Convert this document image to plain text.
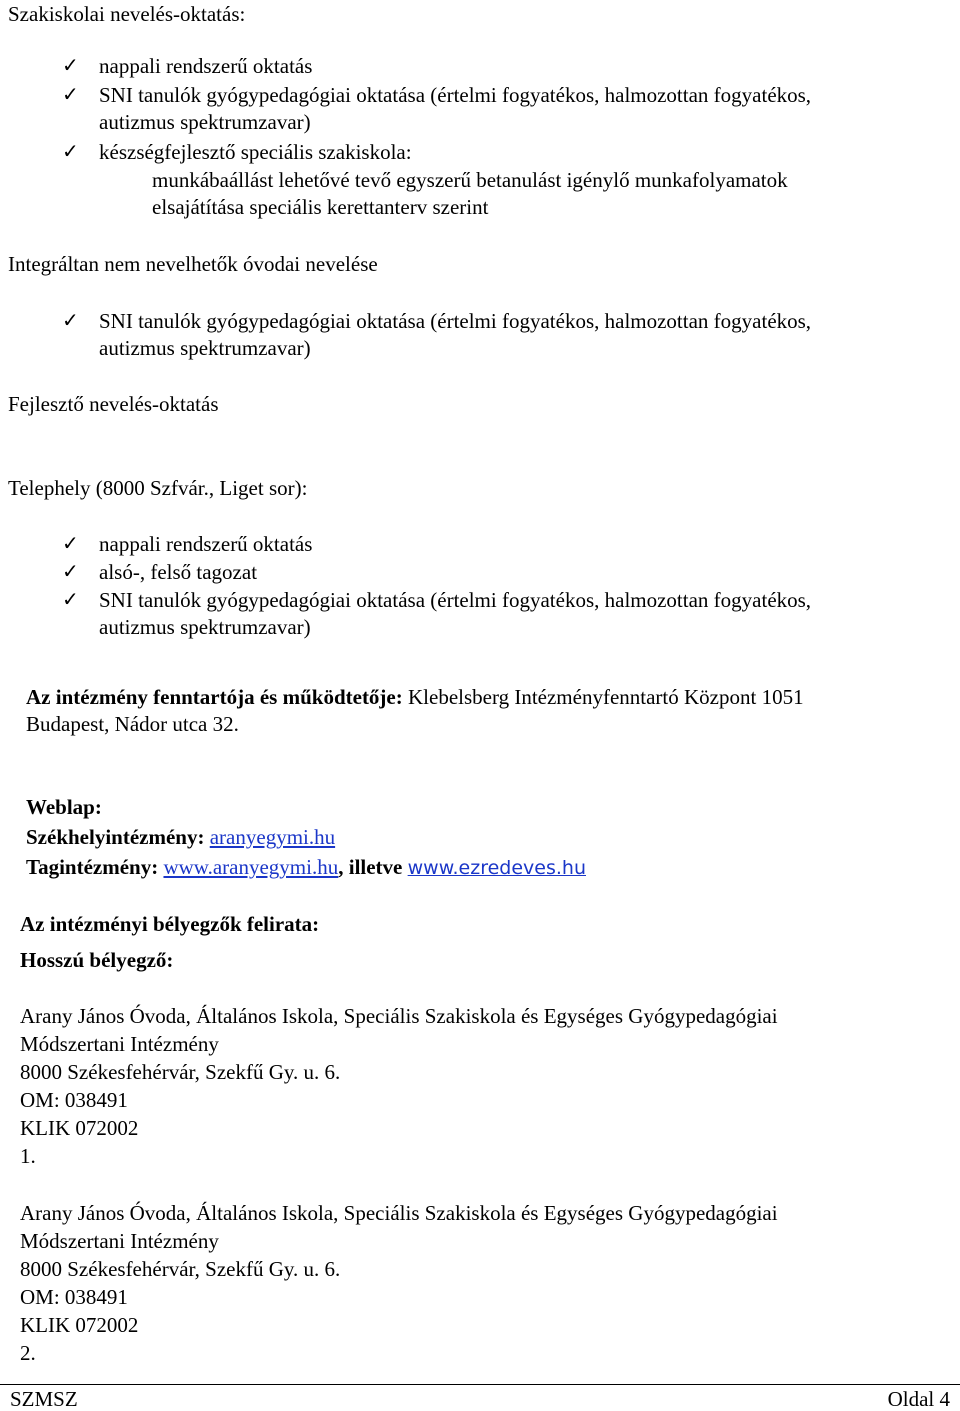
Szakiskolai nevelés-oktatás:
✓ nappali rendszerű oktatás
✓ SNI tanulók gyógypedagógiai oktatása (értelmi fogyatékos, halmozottan fogyatékos,
autizmus spektrumzavar)
✓ készségfejlesztő speciális szakiskola:
munkábaállást lehetővé tevő egyszerű betanulást igénylő munkafolyamatok
elsajátítása speciális kerettanterv szerint
Integráltan nem nevelhetők óvodai nevelése
✓ SNI tanulók gyógypedagógiai oktatása (értelmi fogyatékos, halmozottan fogyatékos,
autizmus spektrumzavar)
Fejlesztő nevelés-oktatás
Telephely (8000 Szfvár., Liget sor):
✓ nappali rendszerű oktatás
✓ alsó-, felső tagozat
✓ SNI tanulók gyógypedagógiai oktatása (értelmi fogyatékos, halmozottan fogyatékos,
autizmus spektrumzavar)
Az intézmény fenntartója és működtetője: Klebelsberg Intézményfenntartó Központ 1051
Budapest, Nádor utca 32.
Weblap:
Székhelyintézmény: aranyegymi.hu
Tagintézmény: www.aranyegymi.hu, illetve www.ezredeves.hu
Az intézményi bélyegzők felirata:
Hosszú bélyegző:
Arany János Óvoda, Általános Iskola, Speciális Szakiskola és Egységes Gyógypedagógiai
Módszertani Intézmény
8000 Székesfehérvár, Szekfű Gy. u. 6.
OM: 038491
KLIK 072002
1.
Arany János Óvoda, Általános Iskola, Speciális Szakiskola és Egységes Gyógypedagógiai
Módszertani Intézmény
8000 Székesfehérvár, Szekfű Gy. u. 6.
OM: 038491
KLIK 072002
2.
SZMSZ	Oldal 4
